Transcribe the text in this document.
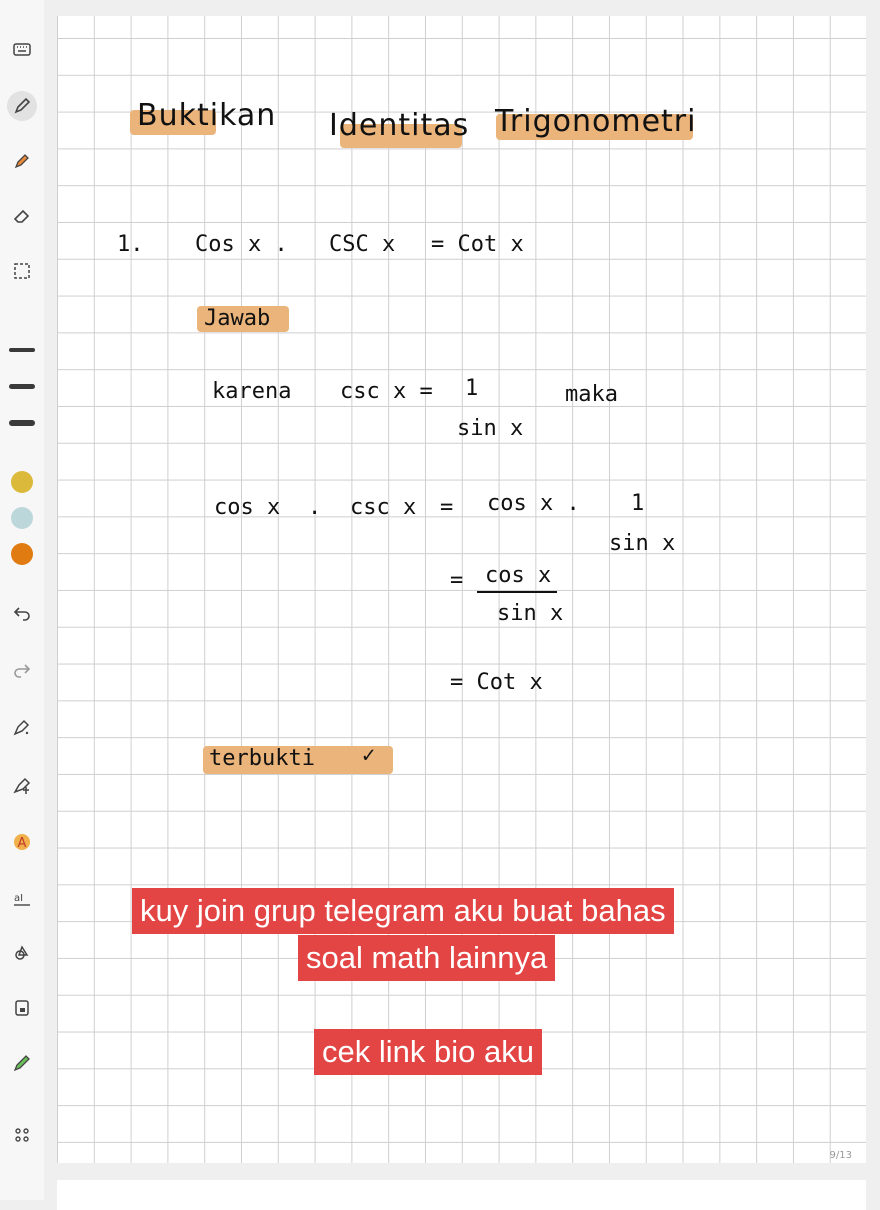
A
aI
Buktikan Identitas Trigonometri
1. Cos x . CSC x = Cot x
Jawab
karena csc x = 1
sin x
maka
cos x . csc x = cos x . 1
sin x
= cos x
sin x
= Cot x
terbukti ✓
9/13
kuy join grup telegram aku buat bahas
soal math lainnya
cek link bio aku
